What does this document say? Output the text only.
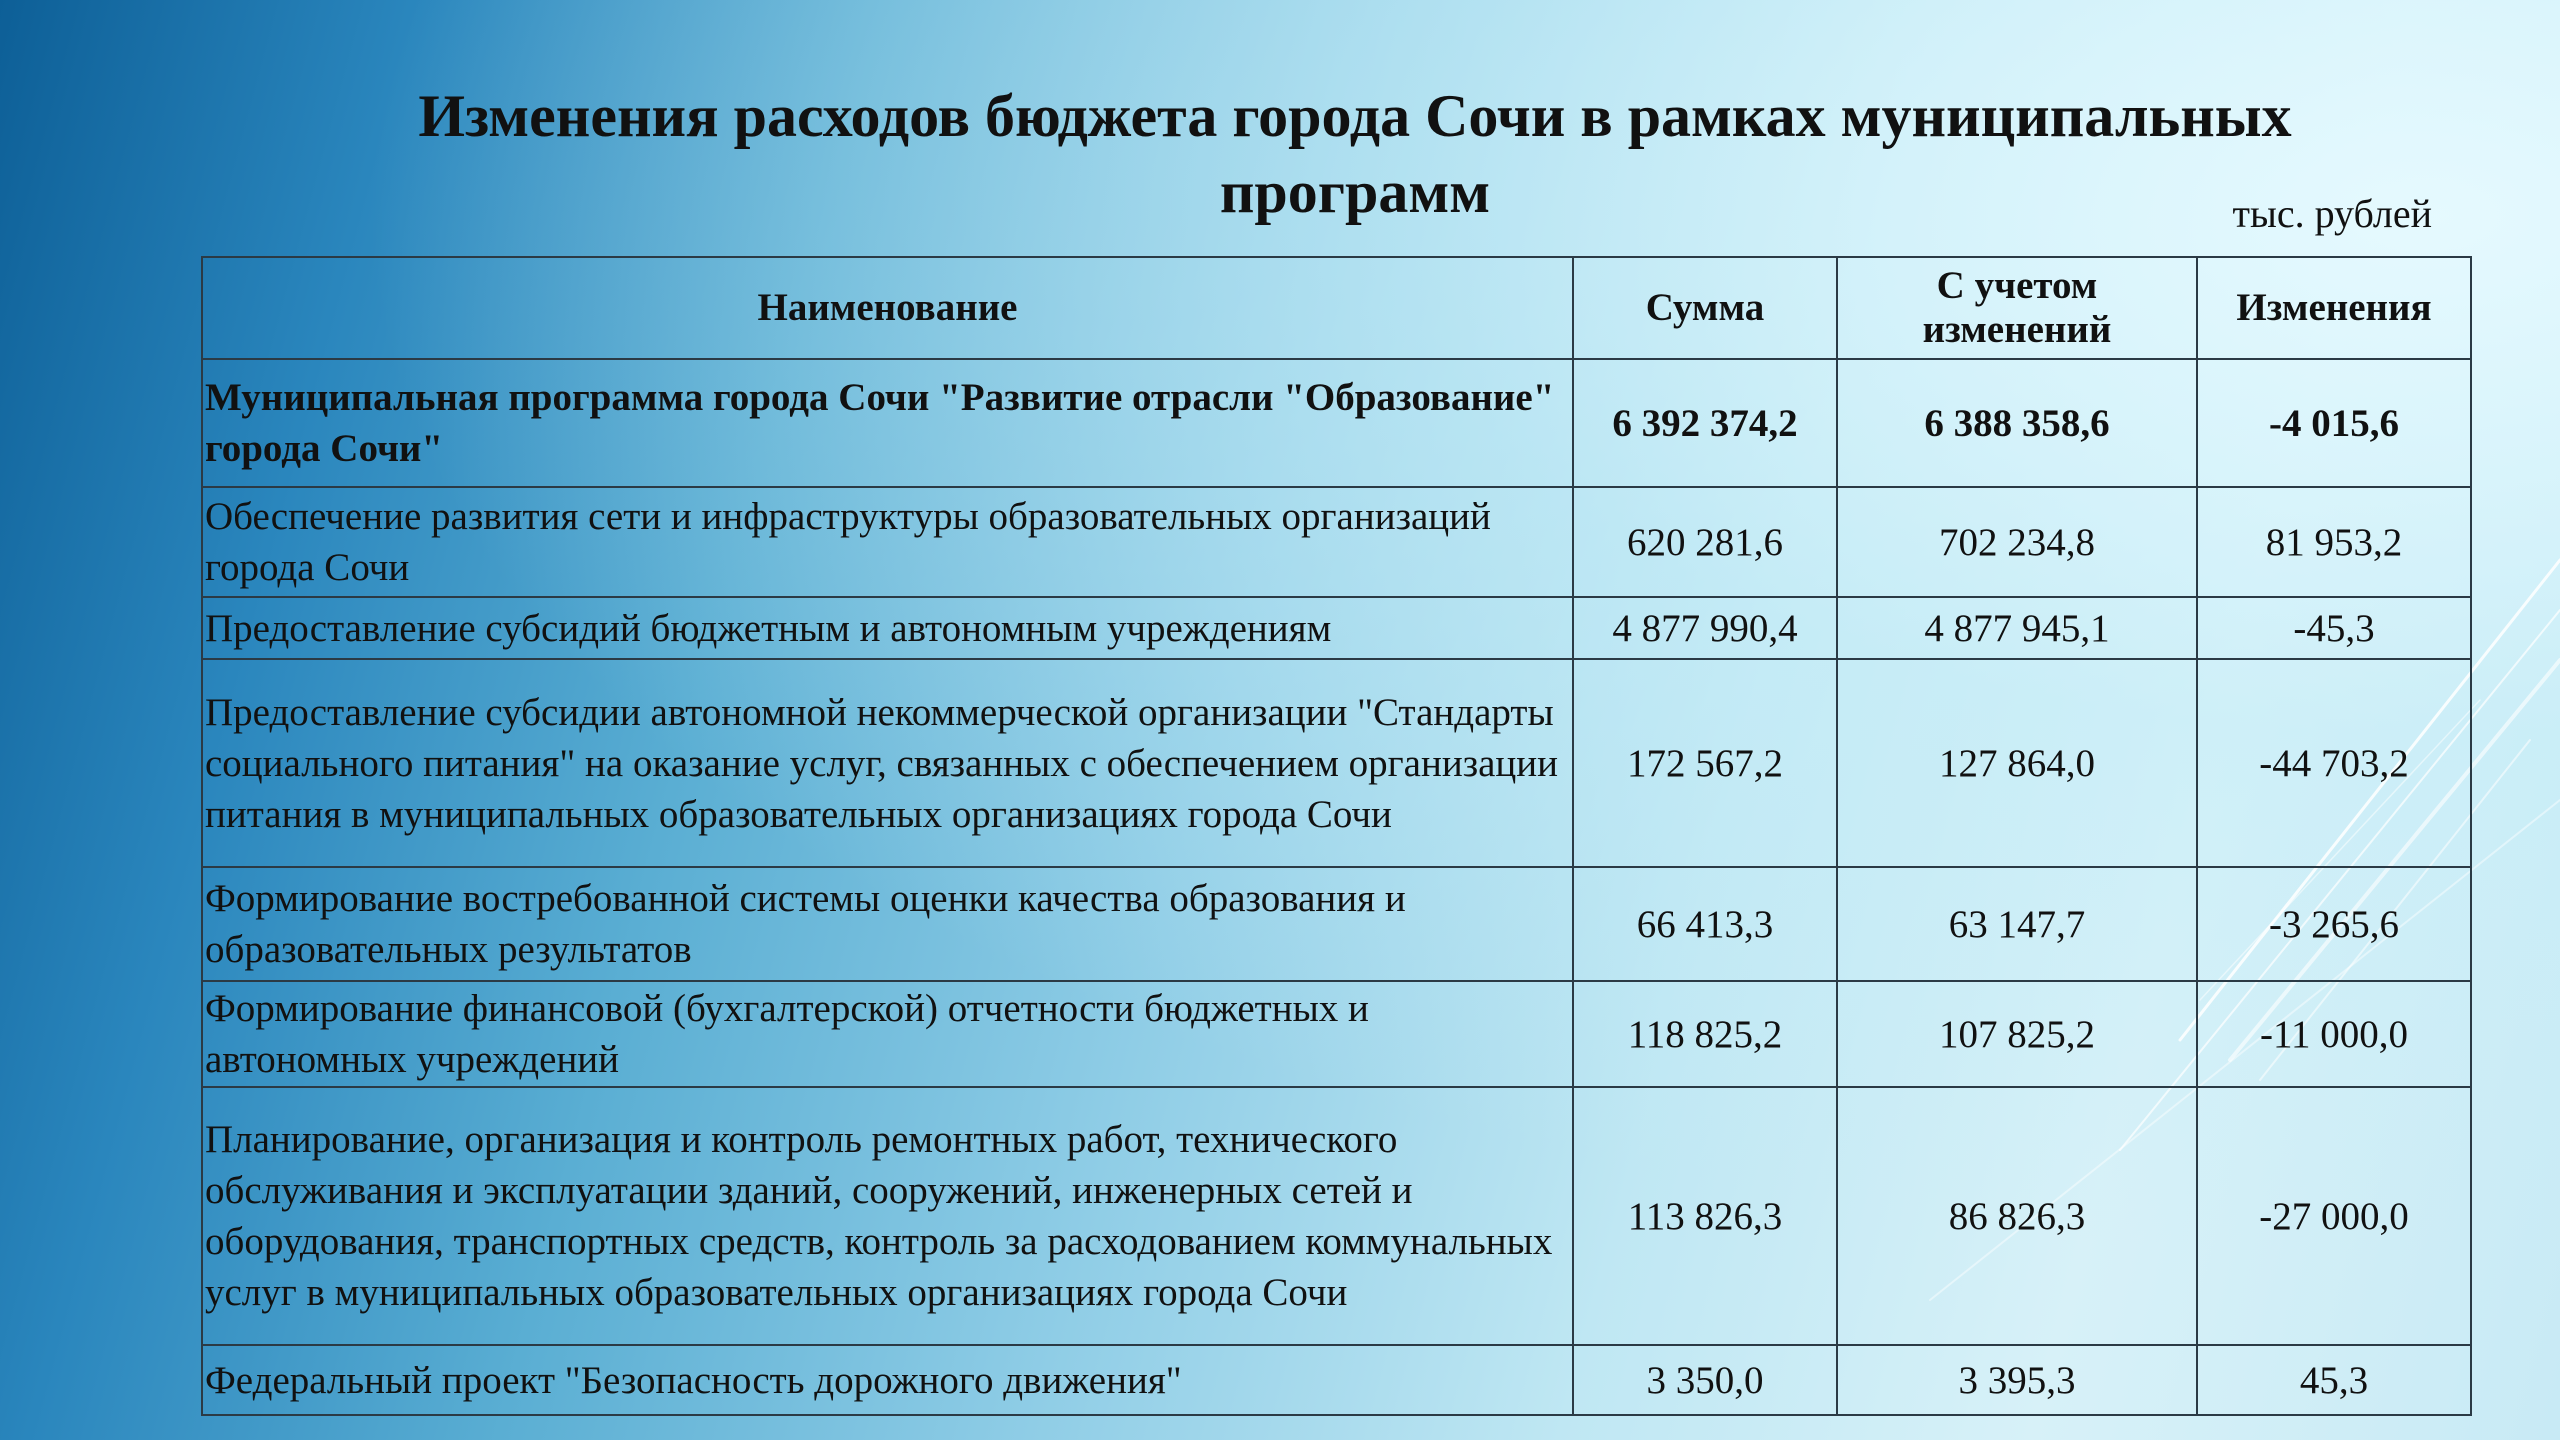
Изменения расходов бюджета города Сочи в рамках муниципальных программ	тыс. рублей
Наименование	Сумма	С учетом изменений	Изменения
Муниципальная программа города Сочи "Развитие отрасли "Образование" города Сочи"	6 392 374,2	6 388 358,6	-4 015,6
Обеспечение развития сети и инфраструктуры образовательных организаций города Сочи	620 281,6	702 234,8	81 953,2
Предоставление субсидий бюджетным и автономным учреждениям	4 877 990,4	4 877 945,1	-45,3
Предоставление субсидии автономной некоммерческой организации "Стандарты социального питания" на оказание услуг, связанных с обеспечением организации питания в муниципальных образовательных организациях города Сочи	172 567,2	127 864,0	-44 703,2
Формирование востребованной системы оценки качества образования и образовательных результатов	66 413,3	63 147,7	-3 265,6
Формирование финансовой (бухгалтерской) отчетности бюджетных и автономных учреждений	118 825,2	107 825,2	-11 000,0
Планирование, организация и контроль ремонтных работ, технического обслуживания и эксплуатации зданий, сооружений, инженерных сетей и оборудования, транспортных средств, контроль за расходованием коммунальных услуг в муниципальных образовательных организациях города Сочи	113 826,3	86 826,3	-27 000,0
Федеральный проект "Безопасность дорожного движения"	3 350,0	3 395,3	45,3
